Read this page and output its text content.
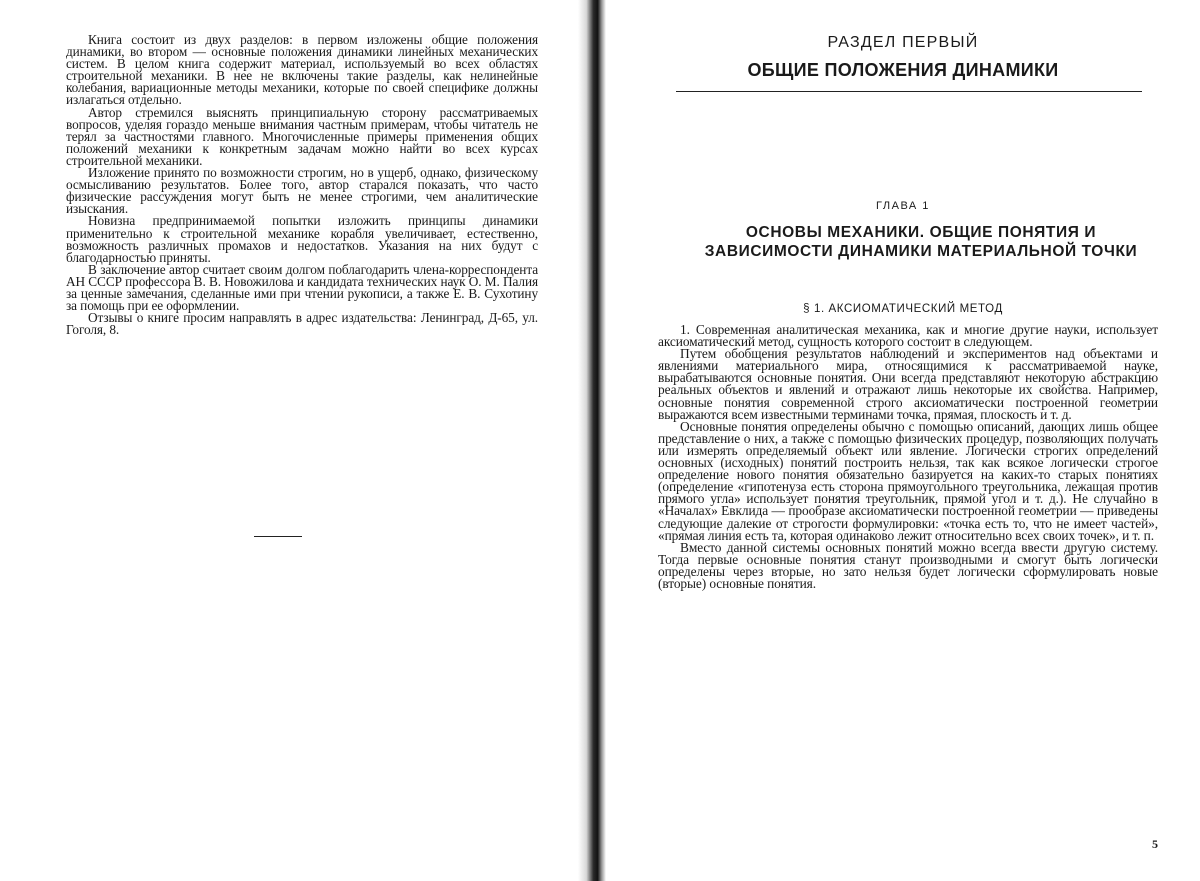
Книга состоит из двух разделов: в первом изложены общие положения динамики, во втором — основные положения динамики линейных механических систем. В целом книга содержит материал, используемый во всех областях строительной механики. В нее не включены такие разделы, как нелинейные колебания, вариационные методы механики, которые по своей специфике должны излагаться отдельно.

Автор стремился выяснять принципиальную сторону рассматриваемых вопросов, уделяя гораздо меньше внимания частным примерам, чтобы читатель не терял за частностями главного. Многочисленные примеры применения общих положений механики к конкретным задачам можно найти во всех курсах строительной механики.

Изложение принято по возможности строгим, но в ущерб, однако, физическому осмысливанию результатов. Более того, автор старался показать, что часто физические рассуждения могут быть не менее строгими, чем аналитические изыскания.

Новизна предпринимаемой попытки изложить принципы динамики применительно к строительной механике корабля увеличивает, естественно, возможность различных промахов и недостатков. Указания на них будут с благодарностью приняты.

В заключение автор считает своим долгом поблагодарить члена-корреспондента АН СССР профессора В. В. Новожилова и кандидата технических наук О. М. Палия за ценные замечания, сделанные ими при чтении рукописи, а также Е. В. Сухотину за помощь при ее оформлении.

Отзывы о книге просим направлять в адрес издательства: Ленинград, Д-65, ул. Гоголя, 8.

РАЗДЕЛ ПЕРВЫЙ
ОБЩИЕ ПОЛОЖЕНИЯ ДИНАМИКИ
ГЛАВА 1
ОСНОВЫ МЕХАНИКИ. ОБЩИЕ ПОНЯТИЯ И ЗАВИСИМОСТИ ДИНАМИКИ МАТЕРИАЛЬНОЙ ТОЧКИ
§ 1. АКСИОМАТИЧЕСКИЙ МЕТОД

1. Современная аналитическая механика, как и многие другие науки, использует аксиоматический метод, сущность которого состоит в следующем.

Путем обобщения результатов наблюдений и экспериментов над объектами и явлениями материального мира, относящимися к рассматриваемой науке, вырабатываются основные понятия. Они всегда представляют некоторую абстракцию реальных объектов и явлений и отражают лишь некоторые их свойства. Например, основные понятия современной строго аксиоматически построенной геометрии выражаются всем известными терминами точка, прямая, плоскость и т. д.

Основные понятия определены обычно с помощью описаний, дающих лишь общее представление о них, а также с помощью физических процедур, позволяющих получать или измерять определяемый объект или явление. Логически строгих определений основных (исходных) понятий построить нельзя, так как всякое логически строгое определение нового понятия обязательно базируется на каких-то старых понятиях (определение «гипотенуза есть сторона прямоугольного треугольника, лежащая против прямого угла» использует понятия треугольник, прямой угол и т. д.). Не случайно в «Началах» Евклида — прообразе аксиоматически построенной геометрии — приведены следующие далекие от строгости формулировки: «точка есть то, что не имеет частей», «прямая линия есть та, которая одинаково лежит относительно всех своих точек», и т. п.

Вместо данной системы основных понятий можно всегда ввести другую систему. Тогда первые основные понятия станут производными и смогут быть логически определены через вторые, но зато нельзя будет логически сформулировать новые (вторые) основные понятия.

5
